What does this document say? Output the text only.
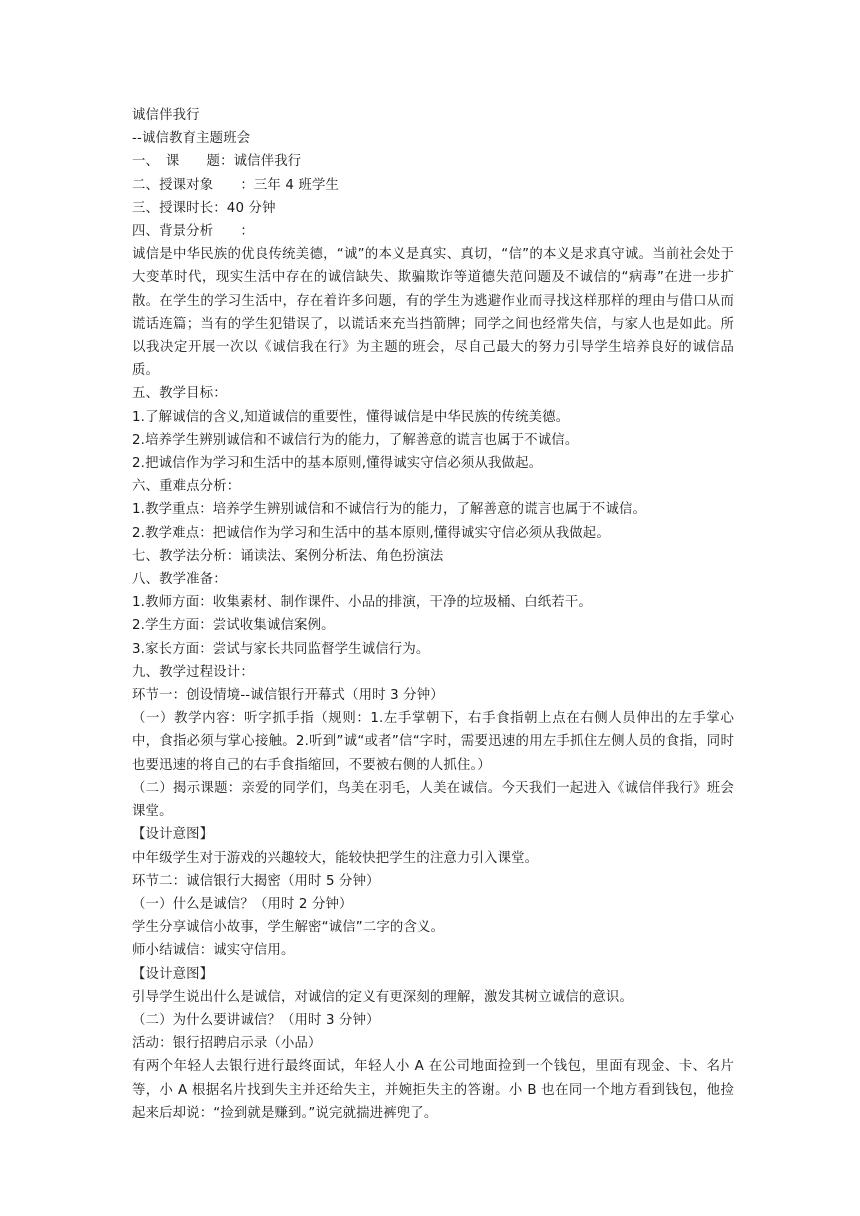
诚信伴我行

--诚信教育主题班会

一、　课　　题：诚信伴我行

二、授课对象　　：三年 4 班学生

三、授课时长：40 分钟

四、背景分析　　：

诚信是中华民族的优良传统美德，“诚”的本义是真实、真切，“信”的本义是求真守诚。当前社会处于大变革时代，现实生活中存在的诚信缺失、欺骗欺诈等道德失范问题及不诚信的“病毒”在进一步扩散。在学生的学习生活中，存在着许多问题，有的学生为逃避作业而寻找这样那样的理由与借口从而谎话连篇；当有的学生犯错误了，以谎话来充当挡箭牌；同学之间也经常失信，与家人也是如此。所以我决定开展一次以《诚信我在行》为主题的班会，尽自己最大的努力引导学生培养良好的诚信品质。

五、教学目标：

1.了解诚信的含义,知道诚信的重要性，懂得诚信是中华民族的传统美德。

2.培养学生辨别诚信和不诚信行为的能力，了解善意的谎言也属于不诚信。

2.把诚信作为学习和生活中的基本原则,懂得诚实守信必须从我做起。

六、重难点分析：

1.教学重点：培养学生辨别诚信和不诚信行为的能力，了解善意的谎言也属于不诚信。

2.教学难点：把诚信作为学习和生活中的基本原则,懂得诚实守信必须从我做起。

七、教学法分析：诵读法、案例分析法、角色扮演法

八、教学准备：

1.教师方面：收集素材、制作课件、小品的排演，干净的垃圾桶、白纸若干。

2.学生方面：尝试收集诚信案例。

3.家长方面：尝试与家长共同监督学生诚信行为。

九、教学过程设计：

环节一：创设情境--诚信银行开幕式（用时 3 分钟）

（一）教学内容：听字抓手指（规则：1.左手掌朝下，右手食指朝上点在右侧人员伸出的左手掌心中，食指必须与掌心接触。2.听到”诚“或者”信“字时，需要迅速的用左手抓住左侧人员的食指，同时也要迅速的将自己的右手食指缩回，不要被右侧的人抓住。）

（二）揭示课题：亲爱的同学们，鸟美在羽毛，人美在诚信。今天我们一起进入《诚信伴我行》班会课堂。

【设计意图】

中年级学生对于游戏的兴趣较大，能较快把学生的注意力引入课堂。

环节二：诚信银行大揭密（用时 5 分钟）

（一）什么是诚信？（用时 2 分钟）

学生分享诚信小故事，学生解密“诚信”二字的含义。

师小结诚信：诚实守信用。

【设计意图】

引导学生说出什么是诚信，对诚信的定义有更深刻的理解，激发其树立诚信的意识。

（二）为什么要讲诚信？（用时 3 分钟）

活动：银行招聘启示录（小品）

有两个年轻人去银行进行最终面试，年轻人小 A 在公司地面捡到一个钱包，里面有现金、卡、名片等，小 A 根据名片找到失主并还给失主，并婉拒失主的答谢。小 B 也在同一个地方看到钱包，他捡起来后却说：“捡到就是赚到。”说完就揣进裤兜了。
